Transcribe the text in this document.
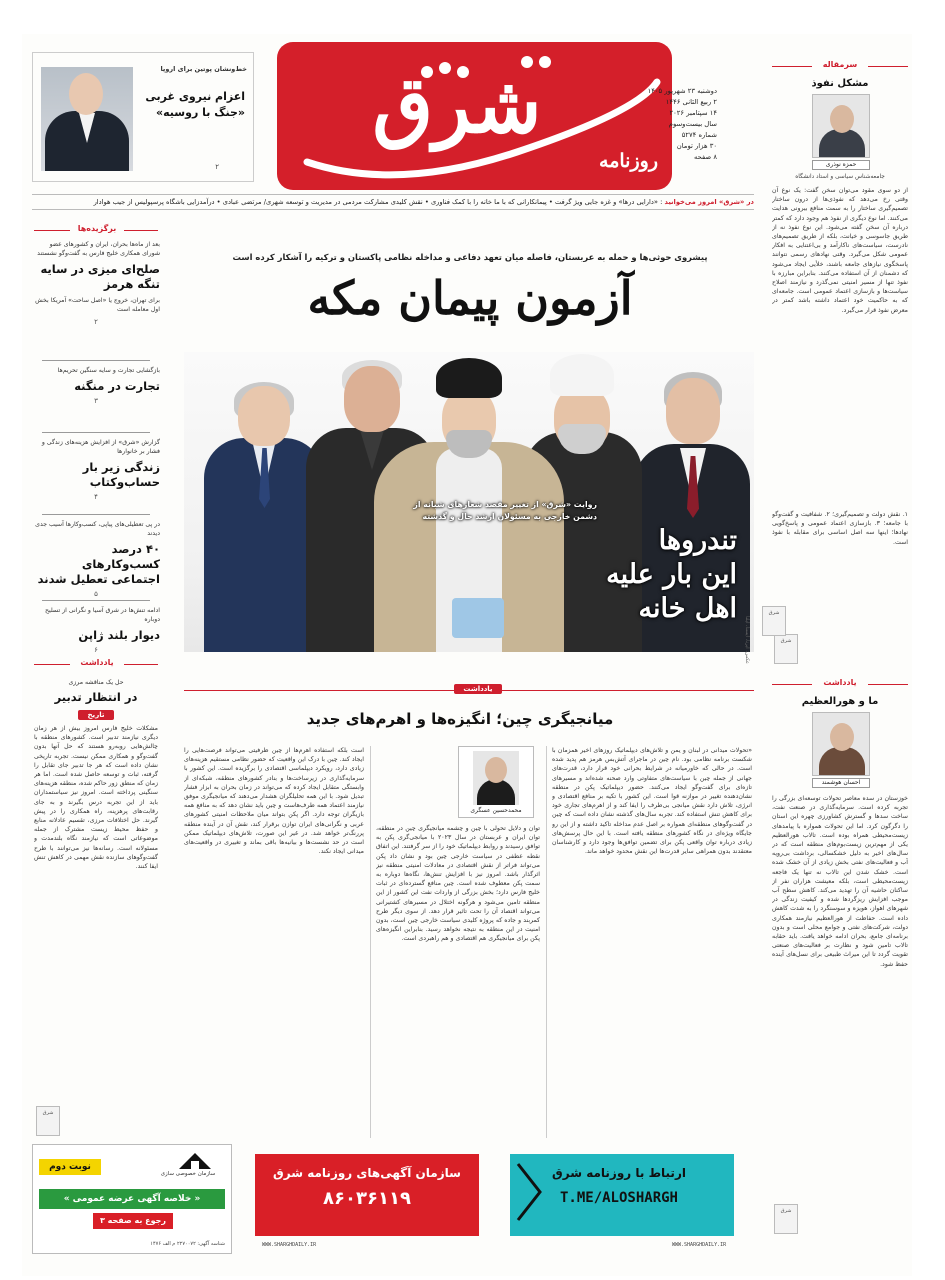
خط‌ونشان پوتین برای اروپا
اعزام نیروی غربی «جنگ با روسیه»
۲
شرق
روزنامه
دوشنبه ۲۳ شهریور ۱۴۰۵
۲ ربیع الثانی ۱۴۴۶
۱۴ سپتامبر ۲۰۲۶
سال بیست‌وسوم
شماره ۵۲۷۴
۳۰ هزار تومان
۸ صفحه
در «شرق» امروز می‌خوانید : «دارایی درها» و غزه جایی ویژ گرفت • پیمانکارانی که با ما خانه را با کمک فناوری • نقش کلیدی مشارکت مردمی در مدیریت و توسعه شهری/ مرتضی عبادی • درآمدزایی باشگاه پرسپولیس از جیب هوادار
سرمقاله
مشکل نفوذ
حمزه نوذری
جامعه‌شناس سیاسی و استاد دانشگاه
از دو سوی مقود می‌توان سخن گفت: یک نوع آن وقتی رخ می‌دهد که نفوذی‌ها از درون ساختار تصمیم‌گیری ساختار را به سمت منافع بیرونی هدایت می‌کنند. اما نوع دیگری از نفوذ هم وجود دارد که کمتر درباره آن سخن گفته می‌شود. این نوع نفوذ نه از طریق جاسوسی و خیانت، بلکه از طریق تصمیم‌های نادرست، سیاست‌های ناکارآمد و بی‌اعتنایی به افکار عمومی شکل می‌گیرد. وقتی نهادهای رسمی نتوانند پاسخگوی نیازهای جامعه باشند، خلأیی ایجاد می‌شود که دشمنان از آن استفاده می‌کنند. بنابراین مبارزه با نفوذ تنها از مسیر امنیتی نمی‌گذرد و نیازمند اصلاح سیاست‌ها و بازسازی اعتماد عمومی است. جامعه‌ای که به حاکمیت خود اعتماد داشته باشد کمتر در معرض نفوذ قرار می‌گیرد.
۱. نقش دولت و تصمیم‌گیری؛ ۲. شفافیت و گفت‌وگو با جامعه؛ ۳. بازسازی اعتماد عمومی و پاسخ‌گویی نهادها؛ اینها سه اصل اساسی برای مقابله با نفوذ است.
شرق
یادداشت
ما و هورالعظیم
احسان هوشمند
خوزستان در سده معاصر تحولات توسعه‌ای بزرگی را تجربه کرده است. سرمایه‌گذاری در صنعت نفت، ساخت سدها و گسترش کشاورزی چهره این استان را دگرگون کرد. اما این تحولات همواره با پیامدهای زیست‌محیطی همراه بوده است. تالاب هورالعظیم یکی از مهم‌ترین زیست‌بوم‌های منطقه است که در سال‌های اخیر به دلیل خشکسالی، برداشت بی‌رویه آب و فعالیت‌های نفتی بخش زیادی از آن خشک شده است. خشک شدن این تالاب نه تنها یک فاجعه زیست‌محیطی است، بلکه معیشت هزاران نفر از ساکنان حاشیه آن را تهدید می‌کند. کاهش سطح آب موجب افزایش ریزگردها شده و کیفیت زندگی در شهرهای اهواز، هویزه و سوسنگرد را به شدت کاهش داده است. حفاظت از هورالعظیم نیازمند همکاری دولت، شرکت‌های نفتی و جوامع محلی است و بدون برنامه‌ای جامع، بحران ادامه خواهد یافت. باید حقابه تالاب تامین شود و نظارت بر فعالیت‌های صنعتی تقویت گردد تا این میراث طبیعی برای نسل‌های آینده حفظ شود.
شرق
برگزیده‌ها
بعد از ماه‌ها بحران، ایران و کشورهای عضو شورای همکاری خلیج فارس به گفت‌وگو نشستند
صلح‌ای میزی در سایه تنگه هرمز
برای تهران، خروج یا «اصل ساحت» آمریکا بخش اول معامله است
۲
بازگشایی تجارت و سایه سنگین تحریم‌ها
تجارت در منگنه
۳
گزارش «شرق» از افزایش هزینه‌های زندگی و فشار بر خانوارها
زندگی زیر بار حساب‌وکتاب
۴
در پی تعطیلی‌های پیاپی، کسب‌وکارها آسیب جدی دیدند
۴۰ درصد کسب‌وکارهای اجتماعی تعطیل شدند
۵
ادامه تنش‌ها در شرق آسیا و نگرانی از تسلیح دوباره
دیوار بلند ژاپن
۶
یادداشت
حل یک مناقشه مرزی
در انتظار تدبیر
تاریخ
مشکلات خلیج فارس امروز بیش از هر زمان دیگری نیازمند تدبیر است. کشورهای منطقه با چالش‌هایی روبه‌رو هستند که حل آنها بدون گفت‌وگو و همکاری ممکن نیست. تجربه تاریخی نشان داده است که هر جا تدبیر جای تقابل را گرفته، ثبات و توسعه حاصل شده است. اما هر زمان که منطق زور حاکم شده، منطقه هزینه‌های سنگینی پرداخته است. امروز نیز سیاستمداران باید از این تجربه درس بگیرند و به جای رقابت‌های پرهزینه، راه همکاری را در پیش گیرند. حل اختلافات مرزی، تقسیم عادلانه منابع و حفظ محیط زیست مشترک از جمله موضوعاتی است که نیازمند نگاه بلندمدت و مسئولانه است. رسانه‌ها نیز می‌توانند با طرح گفت‌وگوهای سازنده نقش مهمی در کاهش تنش ایفا کنند.
شرق
پیشروی حوثی‌ها و حمله به عربستان، فاصله میان تعهد دفاعی و مداخله نظامی پاکستان و ترکیه را آشکار کرده است
آزمون پیمان مکه
روایت «شرق» از تغییر مقصد شعارهای شبانه از دشمن خارجی به مسئولان ارشد حال و گذشته
تندروها
این بار علیه
اهل خانه
عکس: ایرنا، ایسنا، ایلنا
شرق
یادداشت
میانجیگری چین؛ انگیزه‌ها و اهرم‌های جدید
«تحولات میدانی در لبنان و یمن و تلاش‌های دیپلماتیک روزهای اخیر همزمان با شکست برنامه نظامی بود. نام چین در ماجرای آتش‌بس هرمز هم پدید شده است. در حالی که خاورمیانه در شرایط بحرانی خود قرار دارد، قدرت‌های جهانی از جمله چین با سیاست‌های متفاوتی وارد صحنه شده‌اند و مسیرهای تازه‌ای برای گفت‌وگو ایجاد می‌کنند. حضور دیپلماتیک پکن در منطقه نشان‌دهنده تغییر در موازنه قوا است. این کشور با تکیه بر منافع اقتصادی و انرژی، تلاش دارد نقش میانجی بی‌طرف را ایفا کند و از اهرم‌های تجاری خود برای کاهش تنش استفاده کند. تجربه سال‌های گذشته نشان داده است که چین در گفت‌وگوهای منطقه‌ای همواره بر اصل عدم مداخله تاکید داشته و از این رو جایگاه ویژه‌ای در نگاه کشورهای منطقه یافته است. با این حال پرسش‌های زیادی درباره توان واقعی پکن برای تضمین توافق‌ها وجود دارد و کارشناسان معتقدند بدون همراهی سایر قدرت‌ها این نقش محدود خواهد ماند.
محمدحسین عسگری
توان و دلایل تحولی با چین و چشمه میانجیگری چین در منطقه، توان ایران و عربستان در سال ۲۰۲۳ با میانجی‌گری پکن به توافق رسیدند و روابط دیپلماتیک خود را از سر گرفتند. این اتفاق نقطه عطفی در سیاست خارجی چین بود و نشان داد پکن می‌تواند فراتر از نقش اقتصادی در معادلات امنیتی منطقه نیز اثرگذار باشد. امروز نیز با افزایش تنش‌ها، نگاه‌ها دوباره به سمت پکن معطوف شده است. چین منافع گسترده‌ای در ثبات خلیج فارس دارد؛ بخش بزرگی از واردات نفت این کشور از این منطقه تامین می‌شود و هرگونه اختلال در مسیرهای کشتیرانی می‌تواند اقتصاد آن را تحت تاثیر قرار دهد. از سوی دیگر طرح کمربند و جاده که پروژه کلیدی سیاست خارجی چین است، بدون امنیت در این منطقه به نتیجه نخواهد رسید. بنابراین انگیزه‌های پکن برای میانجیگری هم اقتصادی و هم راهبردی است.
است بلکه استفاده اهرم‌ها از چین ظرفیتی می‌تواند فرصت‌هایی را ایجاد کند. چین با درک این واقعیت که حضور نظامی مستقیم هزینه‌های زیادی دارد، رویکرد دیپلماسی اقتصادی را برگزیده است. این کشور با سرمایه‌گذاری در زیرساخت‌ها و بنادر کشورهای منطقه، شبکه‌ای از وابستگی متقابل ایجاد کرده که می‌تواند در زمان بحران به ابزار فشار تبدیل شود. با این همه تحلیلگران هشدار می‌دهند که میانجیگری موفق نیازمند اعتماد همه طرف‌هاست و چین باید نشان دهد که به منافع همه بازیگران توجه دارد. اگر پکن بتواند میان ملاحظات امنیتی کشورهای عربی و نگرانی‌های ایران توازن برقرار کند، نقش آن در آینده منطقه پررنگ‌تر خواهد شد. در غیر این صورت، تلاش‌های دیپلماتیک ممکن است در حد نشست‌ها و بیانیه‌ها باقی بماند و تغییری در واقعیت‌های میدانی ایجاد نکند.
ارتباط با روزنامه شرق
T.ME/ALOSHARGH
WWW.SHARGHDAILY.IR
سازمان آگهی‌های روزنامه شرق
۸۶۰۳۶۱۱۹
WWW.SHARGHDAILY.IR
نوبت دوم
سازمان خصوصی سازی
« خلاصه آگهی عرضه عمومی »
رجوع به صفحه ۳
شناسه آگهی: ۲۲۷۰۰۷۲ م الف ۱۴۷۶
